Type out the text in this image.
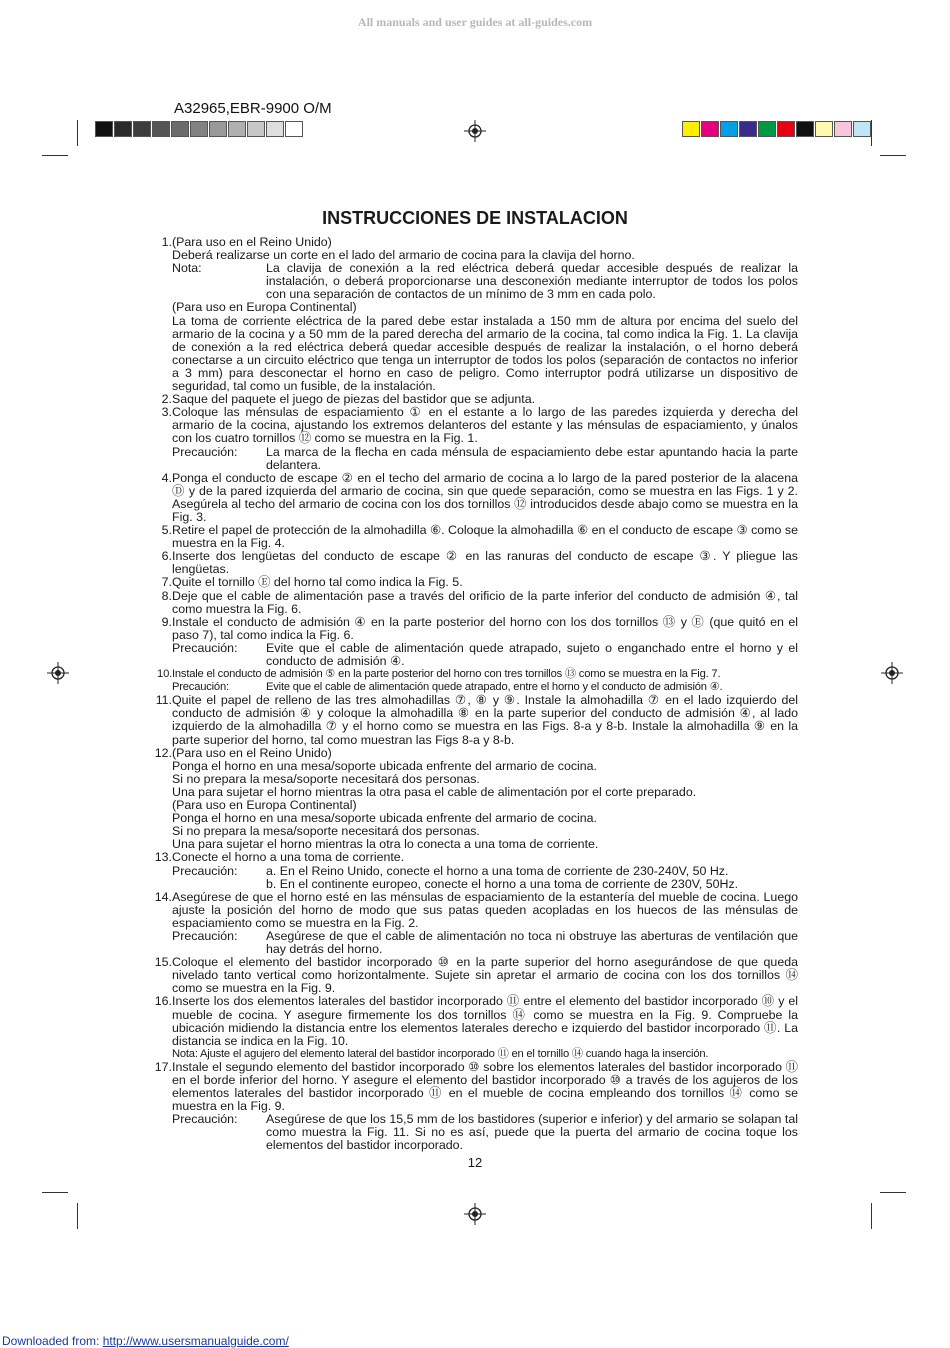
All manuals and user guides at all-guides.com
A32965,EBR-9900 O/M
INSTRUCCIONES DE INSTALACION
1. (Para uso en el Reino Unido)
Deberá realizarse un corte en el lado del armario de cocina para la clavija del horno.
Nota:	La clavija de conexión a la red eléctrica deberá quedar accesible después de realizar la instalación, o deberá proporcionarse una desconexión mediante interruptor de todos los polos con una separación de contactos de un mínimo de 3 mm en cada polo.
(Para uso en Europa Continental)
La toma de corriente eléctrica de la pared debe estar instalada a 150 mm de altura por encima del suelo del armario de la cocina y a 50 mm de la pared derecha del armario de la cocina, tal como indica la Fig. 1. La clavija de conexión a la red eléctrica deberá quedar accesible después de realizar la instalación, o el horno deberá conectarse a un circuito eléctrico que tenga un interruptor de todos los polos (separación de contactos no inferior a 3 mm) para desconectar el horno en caso de peligro. Como interruptor podrá utilizarse un dispositivo de seguridad, tal como un fusible, de la instalación.
2. Saque del paquete el juego de piezas del bastidor que se adjunta.
3. Coloque las ménsulas de espaciamiento ① en el estante a lo largo de las paredes izquierda y derecha del armario de la cocina, ajustando los extremos delanteros del estante y las ménsulas de espaciamiento, y únalos con los cuatro tornillos ⑫ como se muestra en la Fig. 1.
Precaución:	La marca de la flecha en cada ménsula de espaciamiento debe estar apuntando hacia la parte delantera.
4. Ponga el conducto de escape ② en el techo del armario de cocina a lo largo de la pared posterior de la alacena Ⓓ y de la pared izquierda del armario de cocina, sin que quede separación, como se muestra en las Figs. 1 y 2. Asegúrela al techo del armario de cocina con los dos tornillos ⑫ introducidos desde abajo como se muestra en la Fig. 3.
5. Retire el papel de protección de la almohadilla ⑥. Coloque la almohadilla ⑥ en el conducto de escape ③ como se muestra en la Fig. 4.
6. Inserte dos lengüetas del conducto de escape ② en las ranuras del conducto de escape ③. Y pliegue las lengüetas.
7. Quite el tornillo Ⓔ del horno tal como indica la Fig. 5.
8. Deje que el cable de alimentación pase a través del orificio de la parte inferior del conducto de admisión ④, tal como muestra la Fig. 6.
9. Instale el conducto de admisión ④ en la parte posterior del horno con los dos tornillos ⑬ y Ⓔ (que quitó en el paso 7), tal como indica la Fig. 6.
Precaución:	Evite que el cable de alimentación quede atrapado, sujeto o enganchado entre el horno y el conducto de admisión ④.
10. Instale el conducto de admisión ⑤ en la parte posterior del horno con tres tornillos ⑬ como se muestra en la Fig. 7.
Precaución:	Evite que el cable de alimentación quede atrapado, entre el horno y el conducto de admisión ④.
11. Quite el papel de relleno de las tres almohadillas ⑦, ⑧ y ⑨. Instale la almohadilla ⑦ en el lado izquierdo del conducto de admisión ④ y coloque la almohadilla ⑧ en la parte superior del conducto de admisión ④, al lado izquierdo de la almohadilla ⑦ y el horno como se muestra en las Figs. 8-a y 8-b. Instale la almohadilla ⑨ en la parte superior del horno, tal como muestran las Figs 8-a y 8-b.
12. (Para uso en el Reino Unido)
Ponga el horno en una mesa/soporte ubicada enfrente del armario de cocina.
Si no prepara la mesa/soporte necesitará dos personas.
Una para sujetar el horno mientras la otra pasa el cable de alimentación por el corte preparado.
(Para uso en Europa Continental)
Ponga el horno en una mesa/soporte ubicada enfrente del armario de cocina.
Si no prepara la mesa/soporte necesitará dos personas.
Una para sujetar el horno mientras la otra lo conecta a una toma de corriente.
13. Conecte el horno a una toma de corriente.
Precaución:	a. En el Reino Unido, conecte el horno a una toma de corriente de 230-240V, 50 Hz.
b. En el continente europeo, conecte el horno a una toma de corriente de 230V, 50Hz.
14. Asegúrese de que el horno esté en las ménsulas de espaciamiento de la estantería del mueble de cocina. Luego ajuste la posición del horno de modo que sus patas queden acopladas en los huecos de las ménsulas de espaciamiento como se muestra en la Fig. 2.
Precaución:	Asegúrese de que el cable de alimentación no toca ni obstruye las aberturas de ventilación que hay detrás del horno.
15. Coloque el elemento del bastidor incorporado ⑩ en la parte superior del horno asegurándose de que queda nivelado tanto vertical como horizontalmente. Sujete sin apretar el armario de cocina con los dos tornillos ⑭ como se muestra en la Fig. 9.
16. Inserte los dos elementos laterales del bastidor incorporado ⑪ entre el elemento del bastidor incorporado ⑩ y el mueble de cocina. Y asegure firmemente los dos tornillos ⑭ como se muestra en la Fig. 9. Compruebe la ubicación midiendo la distancia entre los elementos laterales derecho e izquierdo del bastidor incorporado ⑪. La distancia se indica en la Fig. 10.
Nota: Ajuste el agujero del elemento lateral del bastidor incorporado ⑪ en el tornillo ⑭ cuando haga la inserción.
17. Instale el segundo elemento del bastidor incorporado ⑩ sobre los elementos laterales del bastidor incorporado ⑪ en el borde inferior del horno. Y asegure el elemento del bastidor incorporado ⑩ a través de los agujeros de los elementos laterales del bastidor incorporado ⑪ en el mueble de cocina empleando dos tornillos ⑭ como se muestra en la Fig. 9.
Precaución:	Asegúrese de que los 15,5 mm de los bastidores (superior e inferior) y del armario se solapan tal como muestra la Fig. 11. Si no es así, puede que la puerta del armario de cocina toque los elementos del bastidor incorporado.
12
Downloaded from: http://www.usersmanualguide.com/
